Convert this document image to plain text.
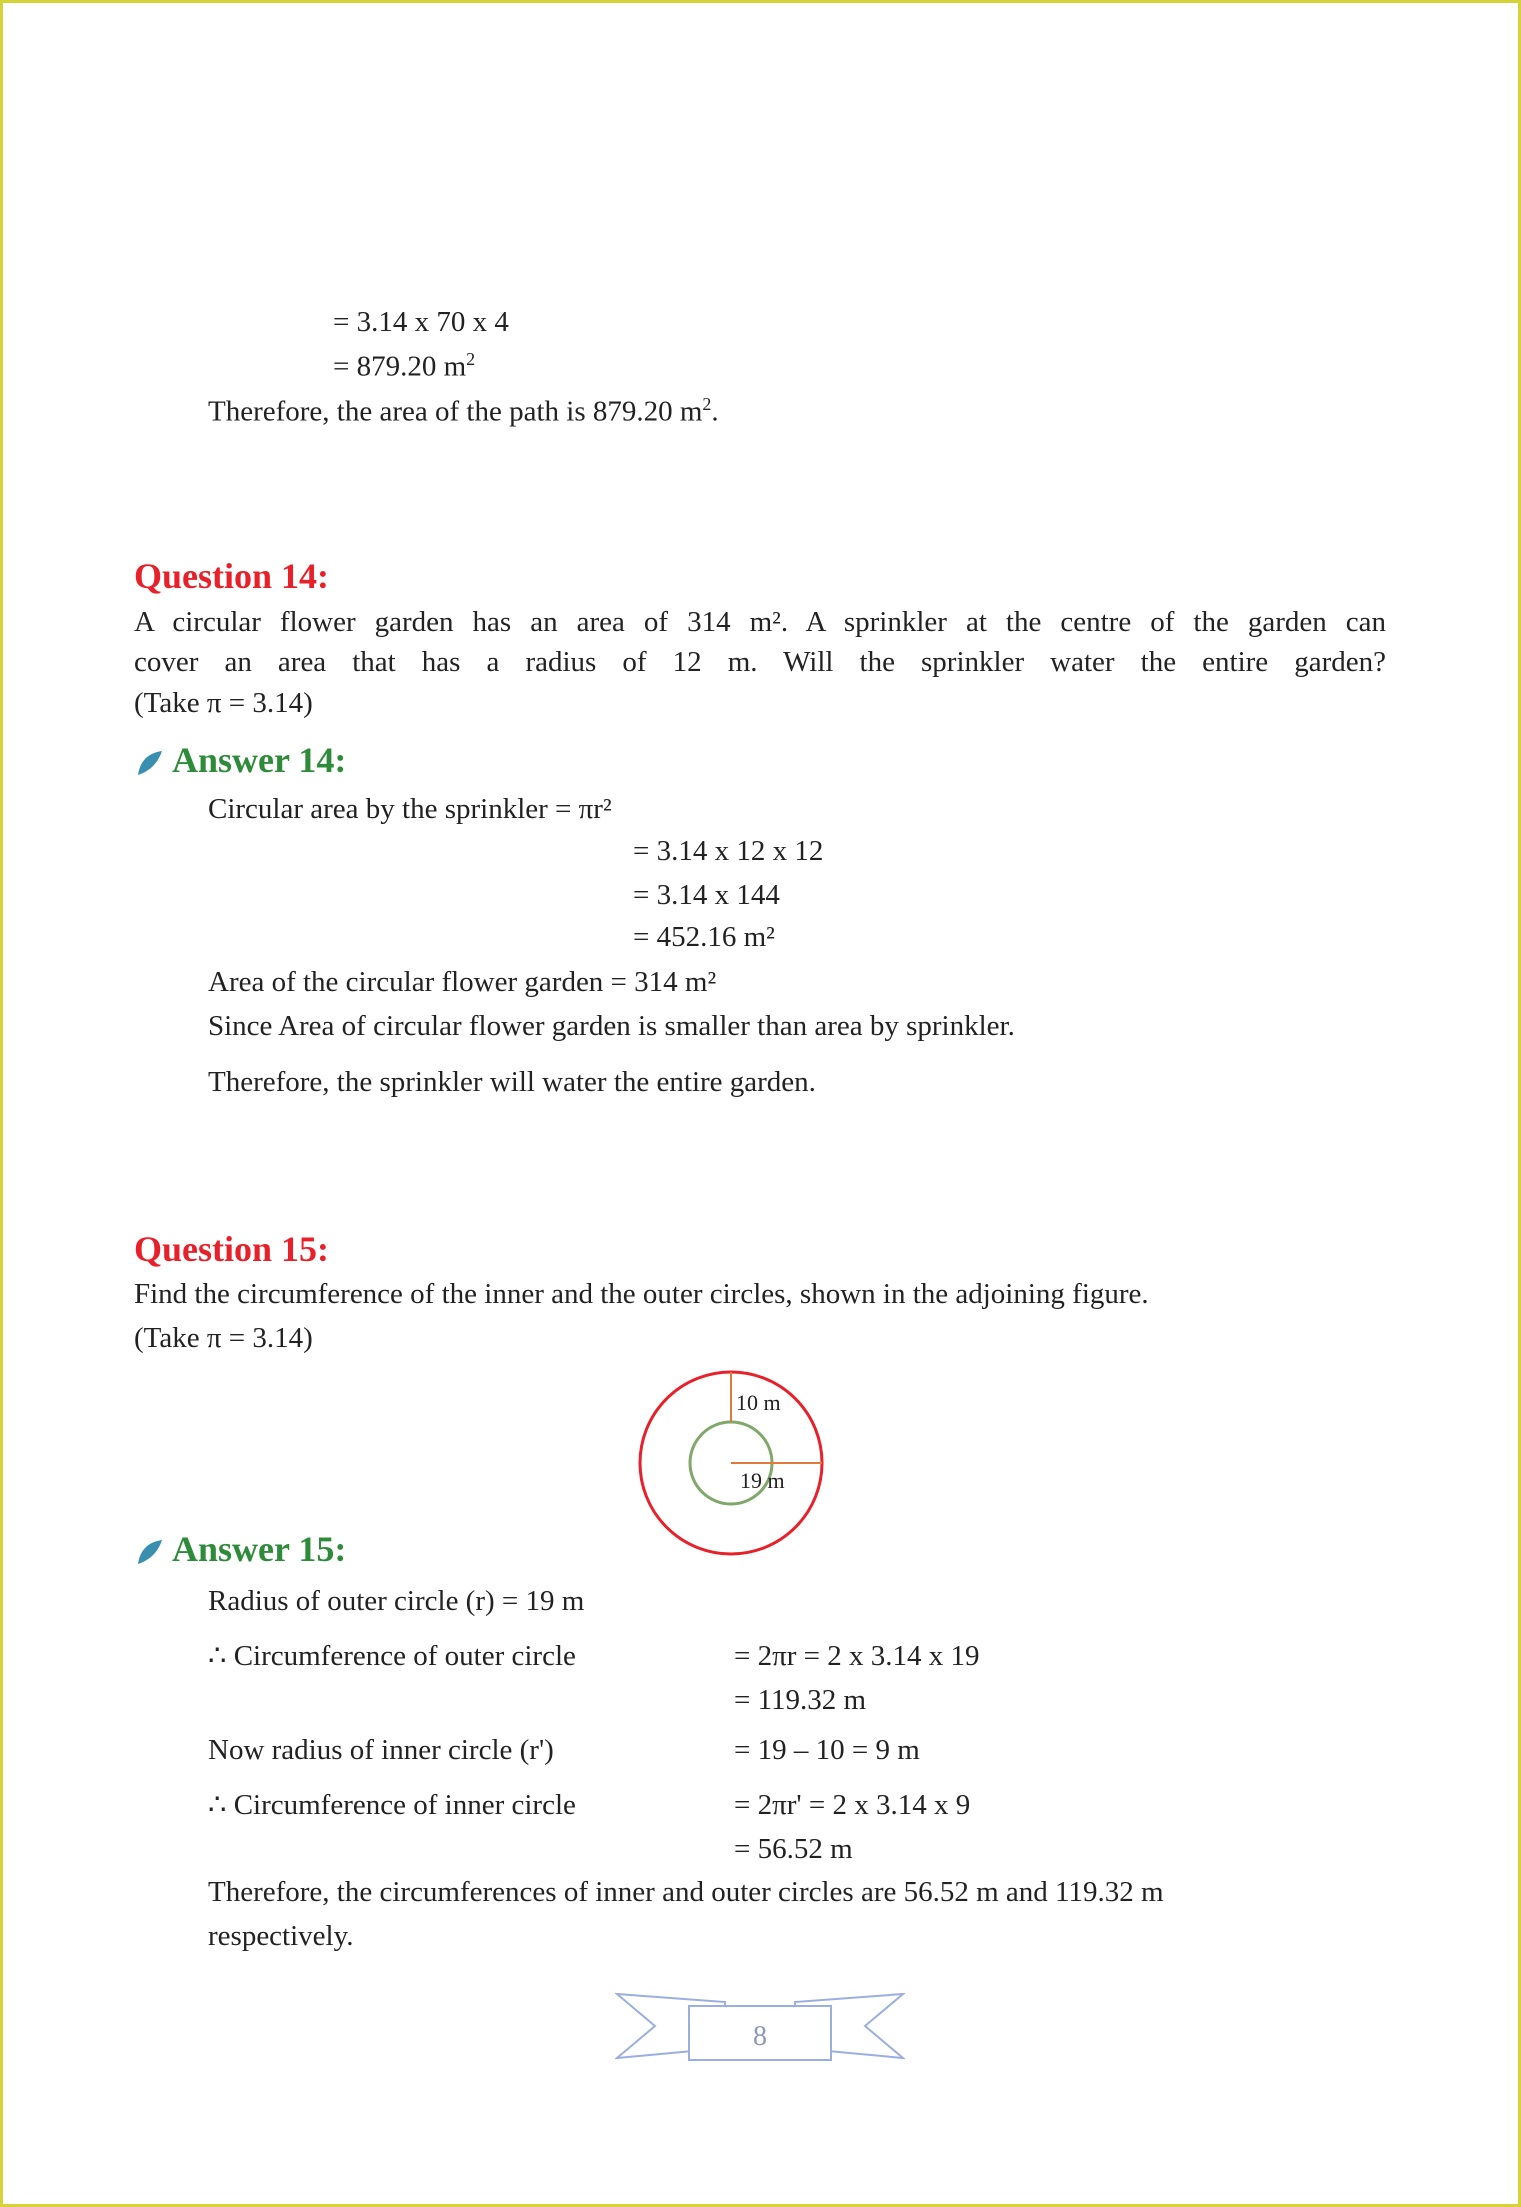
= 3.14 x 70 x 4
= 879.20 $m^2$
Therefore, the area of the path is 879.20 $m^2$.
Question 14:
A circular flower garden has an area of 314 m². A sprinkler at the centre of the garden can
cover an area that has a radius of 12 m. Will the sprinkler water the entire garden?
(Take π = 3.14)
Answer 14:
Circular area by the sprinkler = πr²
= 3.14 x 12 x 12
= 3.14 x 144
= 452.16 m²
Area of the circular flower garden = 314 m²
Since Area of circular flower garden is smaller than area by sprinkler.
Therefore, the sprinkler will water the entire garden.
Question 15:
Find the circumference of the inner and the outer circles, shown in the adjoining figure.
(Take π = 3.14)
10 m
19 m
Answer 15:
Radius of outer circle (r) = 19 m
∴ Circumference of outer circle	= 2πr = 2 x 3.14 x 19
= 119.32 m
Now radius of inner circle (r')	= 19 – 10 = 9 m
∴ Circumference of inner circle	= 2πr' = 2 x 3.14 x 9
= 56.52 m
Therefore, the circumferences of inner and outer circles are 56.52 m and 119.32 m
respectively.
8
